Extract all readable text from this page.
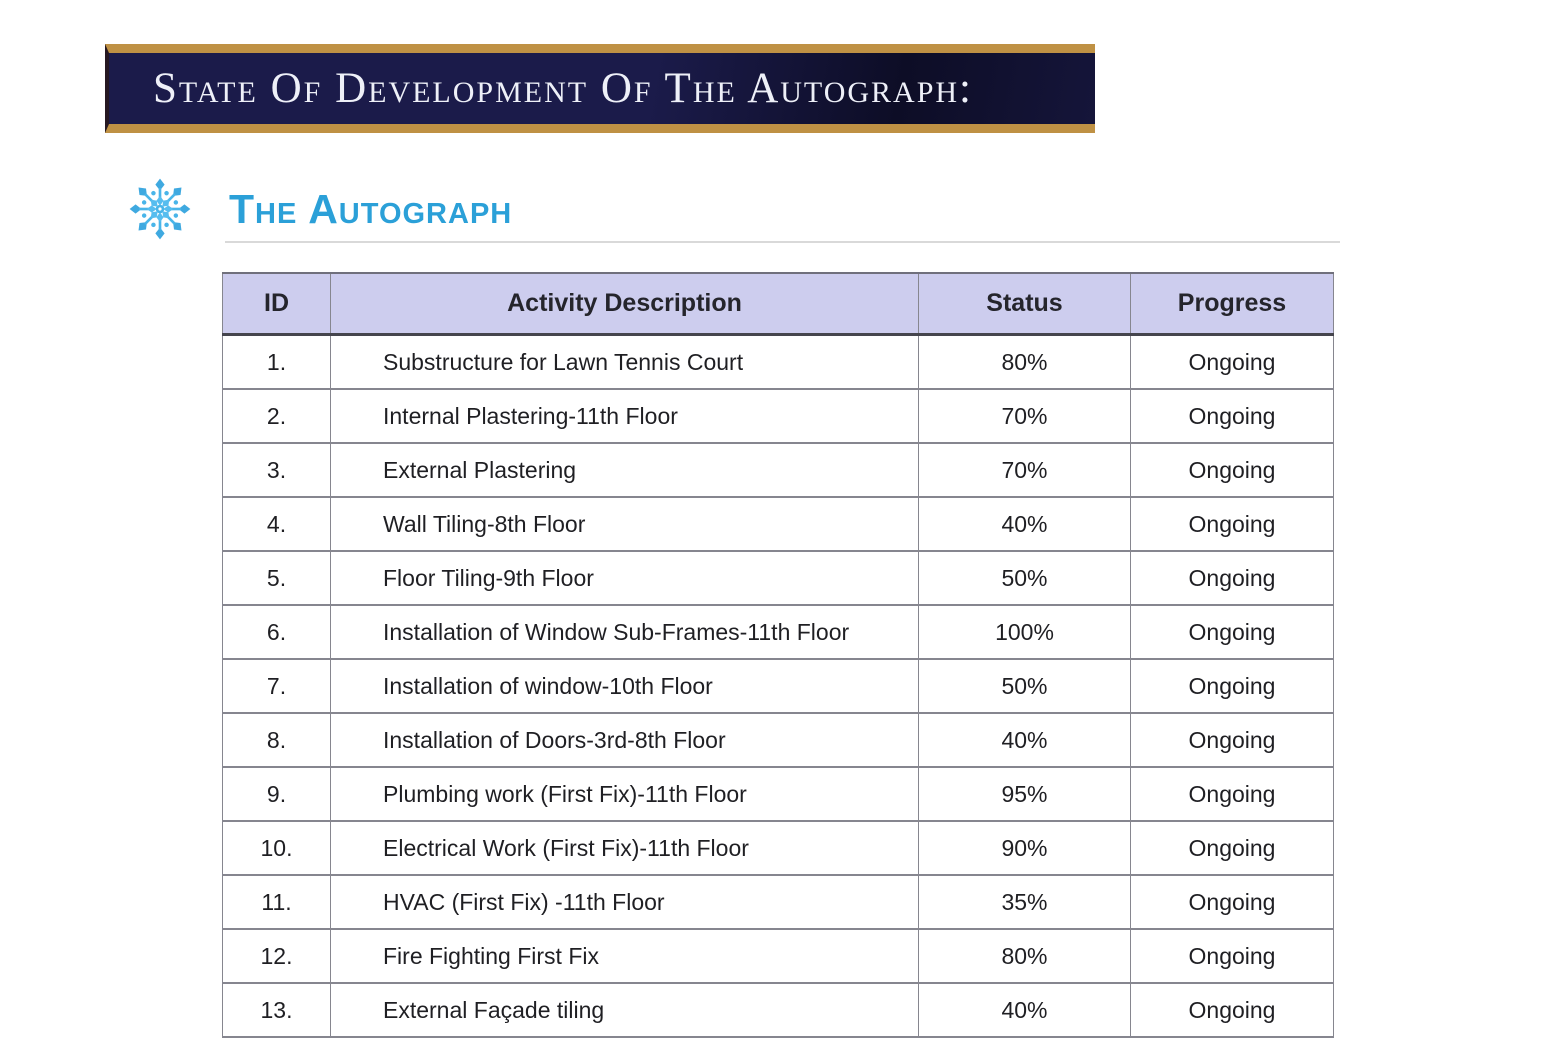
State Of Development Of The Autograph:
The Autograph
ID	Activity Description	Status	Progress
1.	Substructure for Lawn Tennis Court	80%	Ongoing
2.	Internal Plastering-11th Floor	70%	Ongoing
3.	External Plastering	70%	Ongoing
4.	Wall Tiling-8th Floor	40%	Ongoing
5.	Floor Tiling-9th Floor	50%	Ongoing
6.	Installation of Window Sub-Frames-11th Floor	100%	Ongoing
7.	Installation of window-10th Floor	50%	Ongoing
8.	Installation of Doors-3rd-8th Floor	40%	Ongoing
9.	Plumbing work (First Fix)-11th Floor	95%	Ongoing
10.	Electrical Work (First Fix)-11th Floor	90%	Ongoing
11.	HVAC (First Fix) -11th Floor	35%	Ongoing
12.	Fire Fighting First Fix	80%	Ongoing
13.	External Façade tiling	40%	Ongoing
